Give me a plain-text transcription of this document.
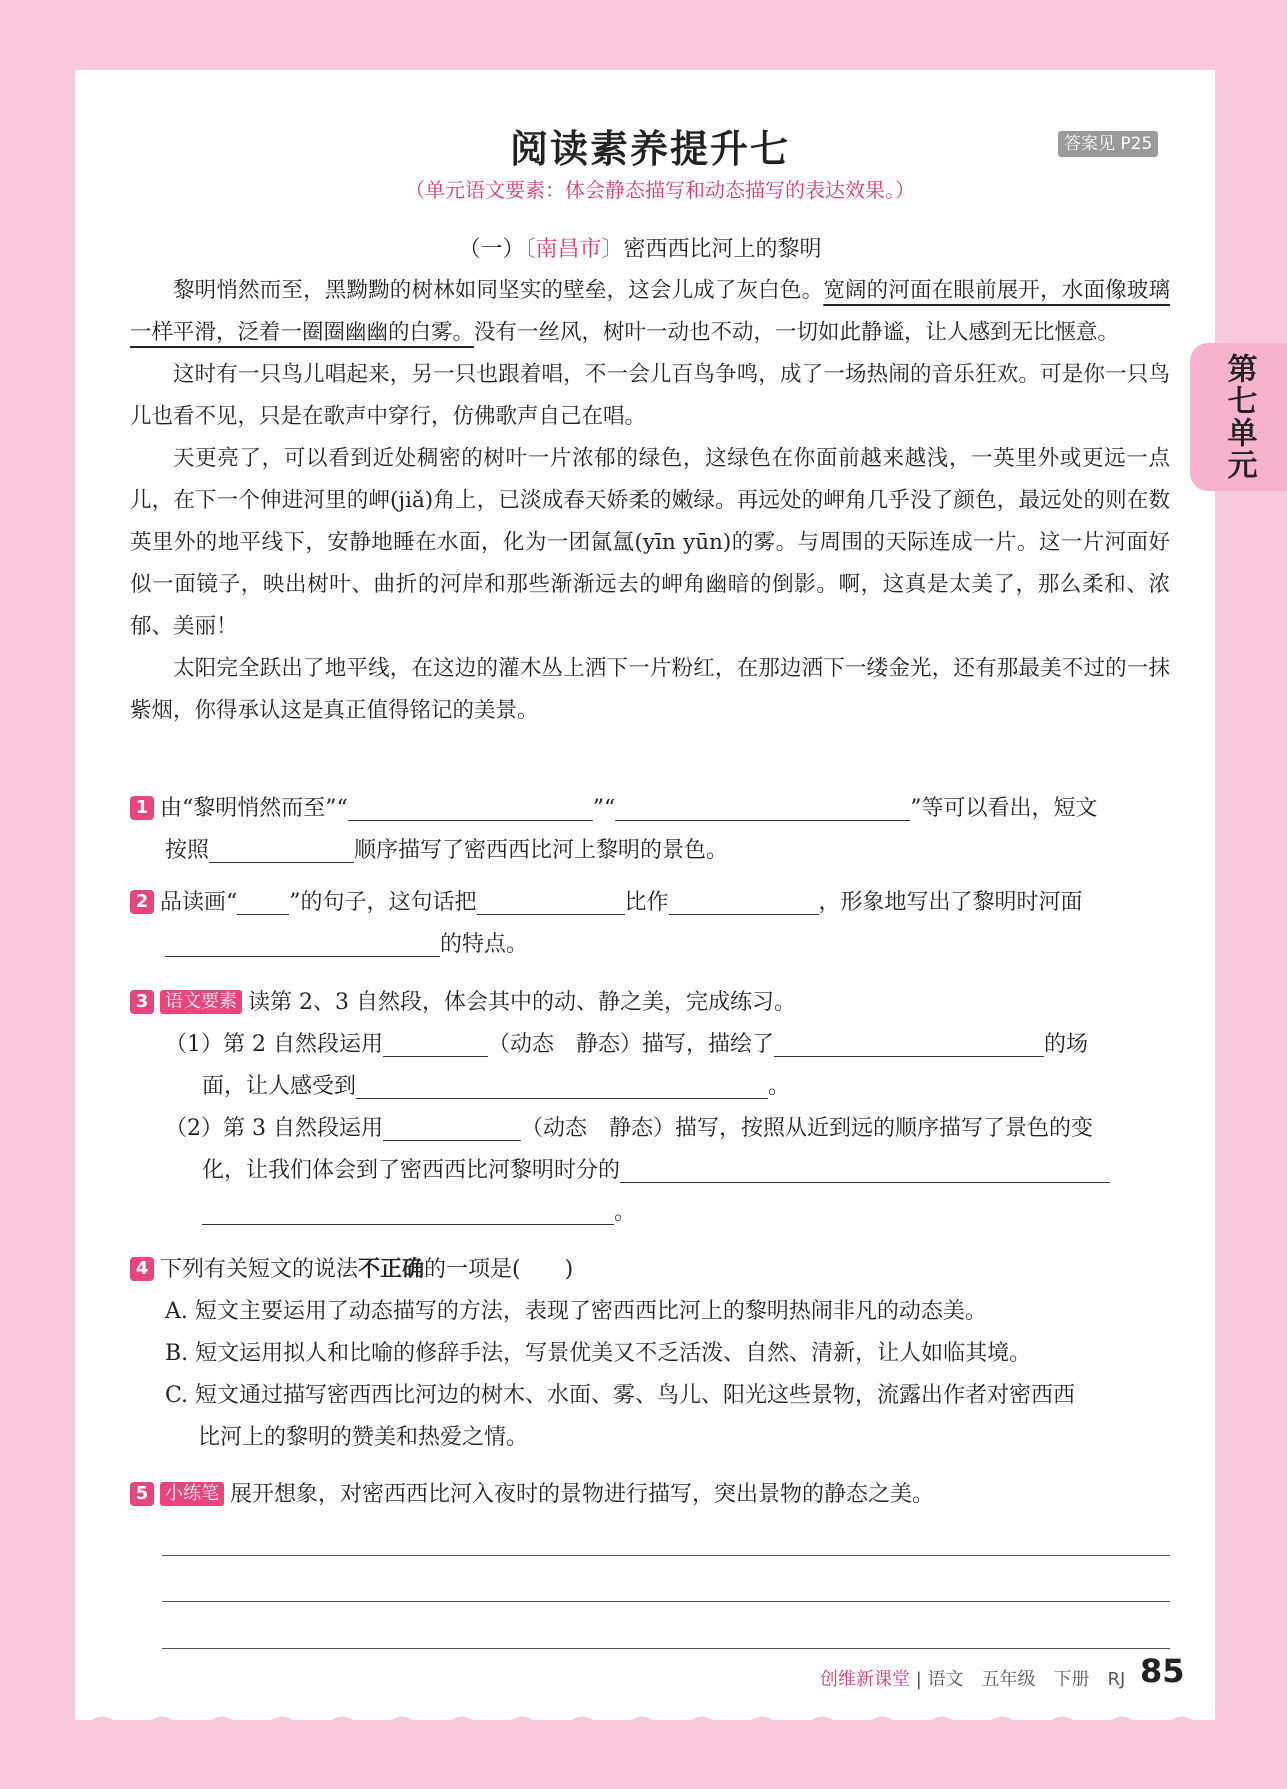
第七单元
阅读素养提升七	答案见 P25
（单元语文要素：体会静态描写和动态描写的表达效果。）
（一）〔南昌市〕密西西比河上的黎明

黎明悄然而至，黑黝黝的树林如同坚实的壁垒，这会儿成了灰白色。宽阔的河面在眼前展开，水面像玻璃一样平滑，泛着一圈圈幽幽的白雾。没有一丝风，树叶一动也不动，一切如此静谧，让人感到无比惬意。

这时有一只鸟儿唱起来，另一只也跟着唱，不一会儿百鸟争鸣，成了一场热闹的音乐狂欢。可是你一只鸟儿也看不见，只是在歌声中穿行，仿佛歌声自己在唱。

天更亮了，可以看到近处稠密的树叶一片浓郁的绿色，这绿色在你面前越来越浅，一英里外或更远一点儿，在下一个伸进河里的岬(jiǎ)角上，已淡成春天娇柔的嫩绿。再远处的岬角几乎没了颜色，最远处的则在数英里外的地平线下，安静地睡在水面，化为一团氤氲(yīn yūn)的雾。与周围的天际连成一片。这一片河面好似一面镜子，映出树叶、曲折的河岸和那些渐渐远去的岬角幽暗的倒影。啊，这真是太美了，那么柔和、浓郁、美丽！

太阳完全跃出了地平线，在这边的灌木丛上洒下一片粉红，在那边洒下一缕金光，还有那最美不过的一抹紫烟，你得承认这是真正值得铭记的美景。

1 由“黎明悄然而至”“	”“	”等可以看出，短文
按照	顺序描写了密西西比河上黎明的景色。
2 品读画“ ”的句子，这句话把	比作	，形象地写出了黎明时河面
的特点。
3 语文要素 读第 2、3 自然段，体会其中的动、静之美，完成练习。
（1）第 2 自然段运用	（动态　静态）描写，描绘了	的场
面，让人感受到	。
（2）第 3 自然段运用	（动态　静态）描写，按照从近到远的顺序描写了景色的变
化，让我们体会到了密西西比河黎明时分的
。
4 下列有关短文的说法不正确的一项是(　　)
A. 短文主要运用了动态描写的方法，表现了密西西比河上的黎明热闹非凡的动态美。
B. 短文运用拟人和比喻的修辞手法，写景优美又不乏活泼、自然、清新，让人如临其境。
C. 短文通过描写密西西比河边的树木、水面、雾、鸟儿、阳光这些景物，流露出作者对密西西
比河上的黎明的赞美和热爱之情。
5 小练笔 展开想象，对密西西比河入夜时的景物进行描写，突出景物的静态之美。
创维新课堂 | 语文　五年级　下册　RJ 85
